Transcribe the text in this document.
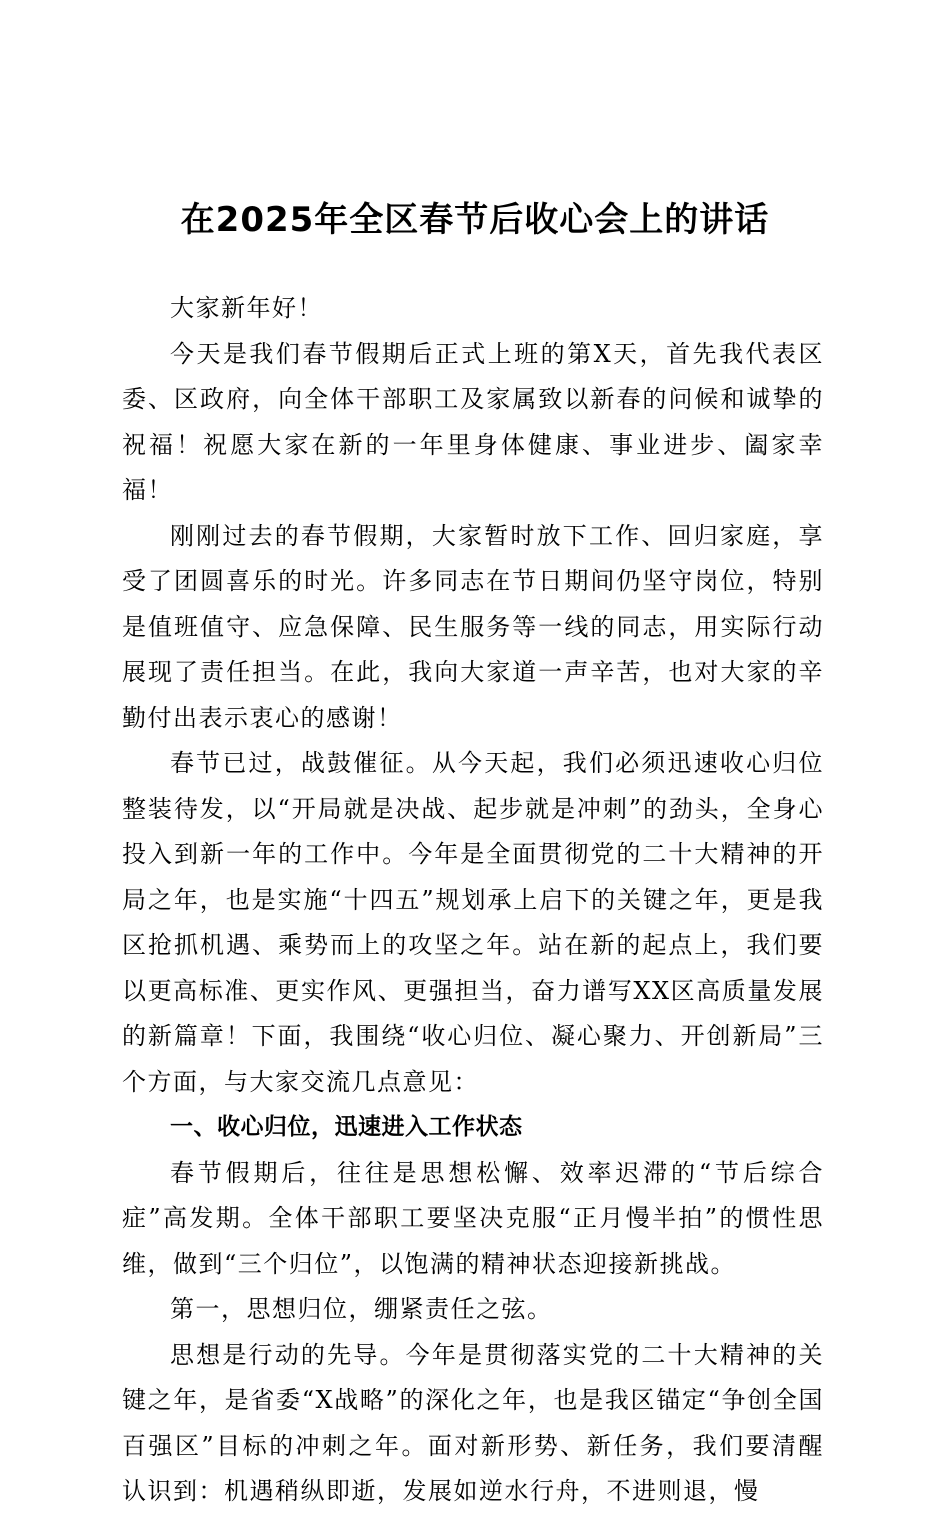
在2025年全区春节后收心会上的讲话

大家新年好！

今天是我们春节假期后正式上班的第X天，首先我代表区委、区政府，向全体干部职工及家属致以新春的问候和诚挚的祝福！祝愿大家在新的一年里身体健康、事业进步、阖家幸福！

刚刚过去的春节假期，大家暂时放下工作、回归家庭，享受了团圆喜乐的时光。许多同志在节日期间仍坚守岗位，特别是值班值守、应急保障、民生服务等一线的同志，用实际行动展现了责任担当。在此，我向大家道一声辛苦，也对大家的辛勤付出表示衷心的感谢！

春节已过，战鼓催征。从今天起，我们必须迅速收心归位整装待发，以“开局就是决战、起步就是冲刺”的劲头，全身心投入到新一年的工作中。今年是全面贯彻党的二十大精神的开局之年，也是实施“十四五”规划承上启下的关键之年，更是我区抢抓机遇、乘势而上的攻坚之年。站在新的起点上，我们要以更高标准、更实作风、更强担当，奋力谱写XX区高质量发展的新篇章！下面，我围绕“收心归位、凝心聚力、开创新局”三个方面，与大家交流几点意见：

一、收心归位，迅速进入工作状态

春节假期后，往往是思想松懈、效率迟滞的“节后综合症”高发期。全体干部职工要坚决克服“正月慢半拍”的惯性思维，做到“三个归位”，以饱满的精神状态迎接新挑战。

第一，思想归位，绷紧责任之弦。

思想是行动的先导。今年是贯彻落实党的二十大精神的关键之年，是省委“X战略”的深化之年，也是我区锚定“争创全国百强区”目标的冲刺之年。面对新形势、新任务，我们要清醒认识到：机遇稍纵即逝，发展如逆水行舟，不进则退，慢
